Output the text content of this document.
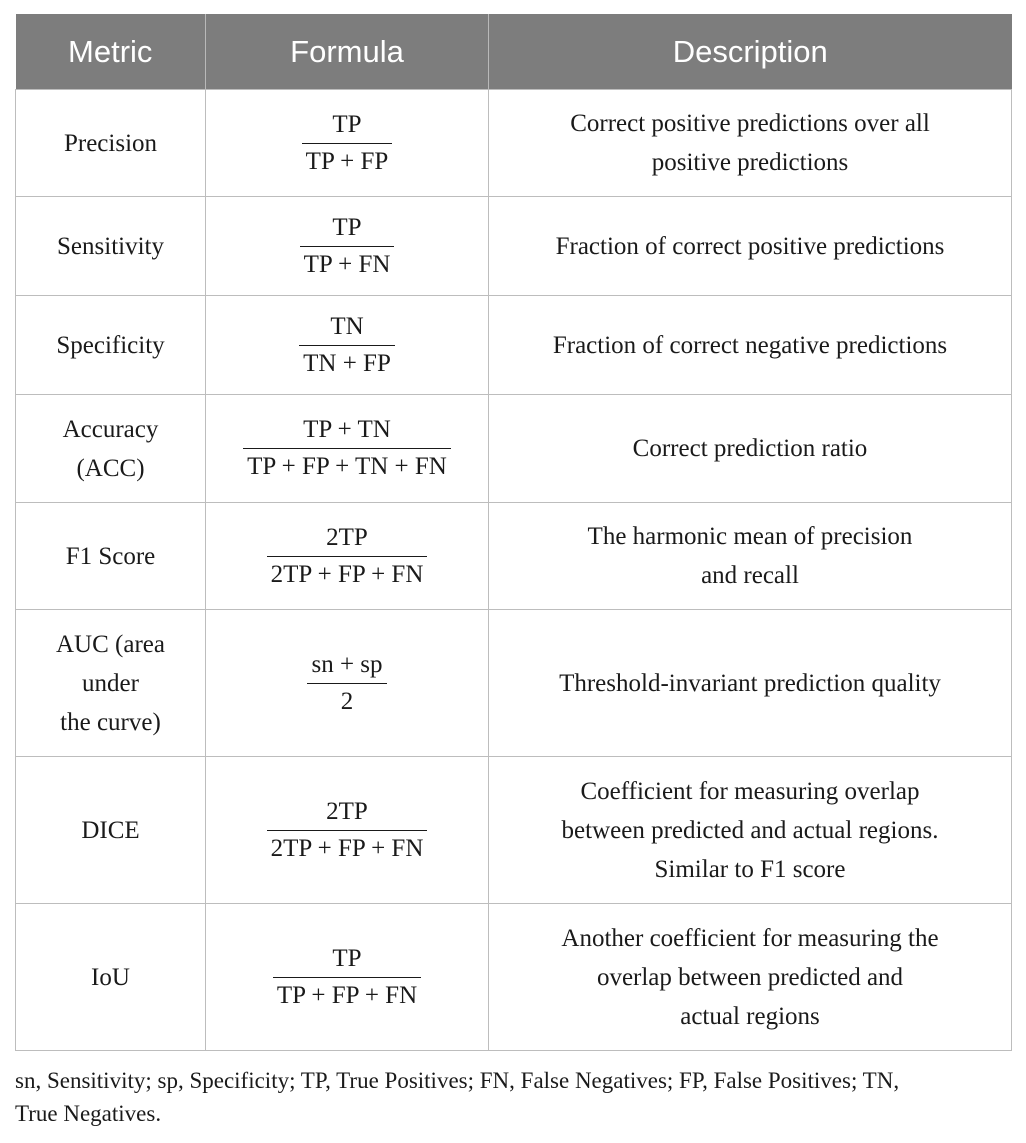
Metric	Formula	Description
Precision	$\frac{TP}{TP + FP}$	Correct positive predictions over all
positive predictions

Sensitivity	$\frac{TP}{TP + FN}$	Fraction of correct positive predictions

Specificity	$\frac{TN}{TN + FP}$	Fraction of correct negative predictions

Accuracy
(ACC)	$\frac{TP + TN}{TP + FP + TN + FN}$	Correct prediction ratio

F1 Score	$\frac{2TP}{2TP + FP + FN}$	The harmonic mean of precision
and recall

AUC (area
under
the curve)	$\frac{sn + sp}{2}$	Threshold-invariant prediction quality

DICE	$\frac{2TP}{2TP + FP + FN}$	Coefficient for measuring overlap
between predicted and actual regions.
Similar to F1 score

IoU	$\frac{TP}{TP + FP + FN}$	Another coefficient for measuring the
overlap between predicted and
actual regions
sn, Sensitivity; sp, Specificity; TP, True Positives; FN, False Negatives; FP, False Positives; TN,
True Negatives.
